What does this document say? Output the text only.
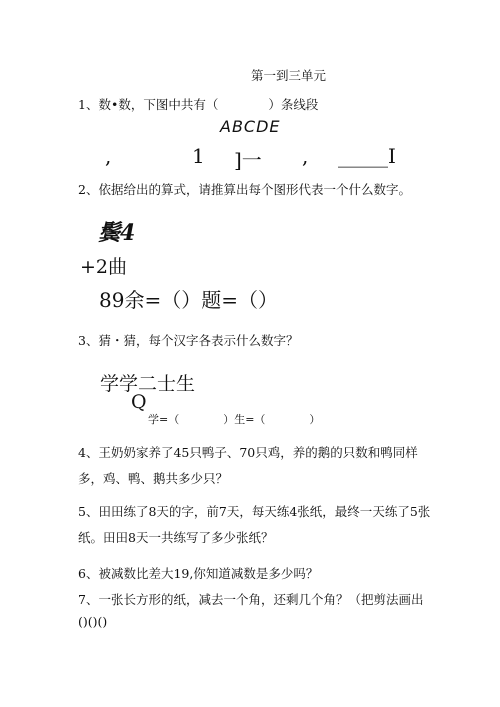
第一到三单元
1、数•数，下图中共有（　　　　）条线段
ABCDE
,	1 ]一 , _____I
2、依据给出的算式，请推算出每个图形代表一个什么数字。
鬓4
+2曲
89余=（）题=（）
3、猜・猜，每个汉字各表示什么数字？
学学二士生
Q
学=（　　　　）生=（　　　　）
4、王奶奶家养了45只鸭子、70只鸡，养的鹅的只数和鸭同样
多，鸡、鸭、鹅共多少只？
5、田田练了8天的字，前7天，每天练4张纸，最终一天练了5张
纸。田田8天一共练写了多少张纸？
6、被减数比差大19,你知道减数是多少吗？
7、一张长方形的纸，减去一个角，还剩几个角？（把剪法画出
()()()
